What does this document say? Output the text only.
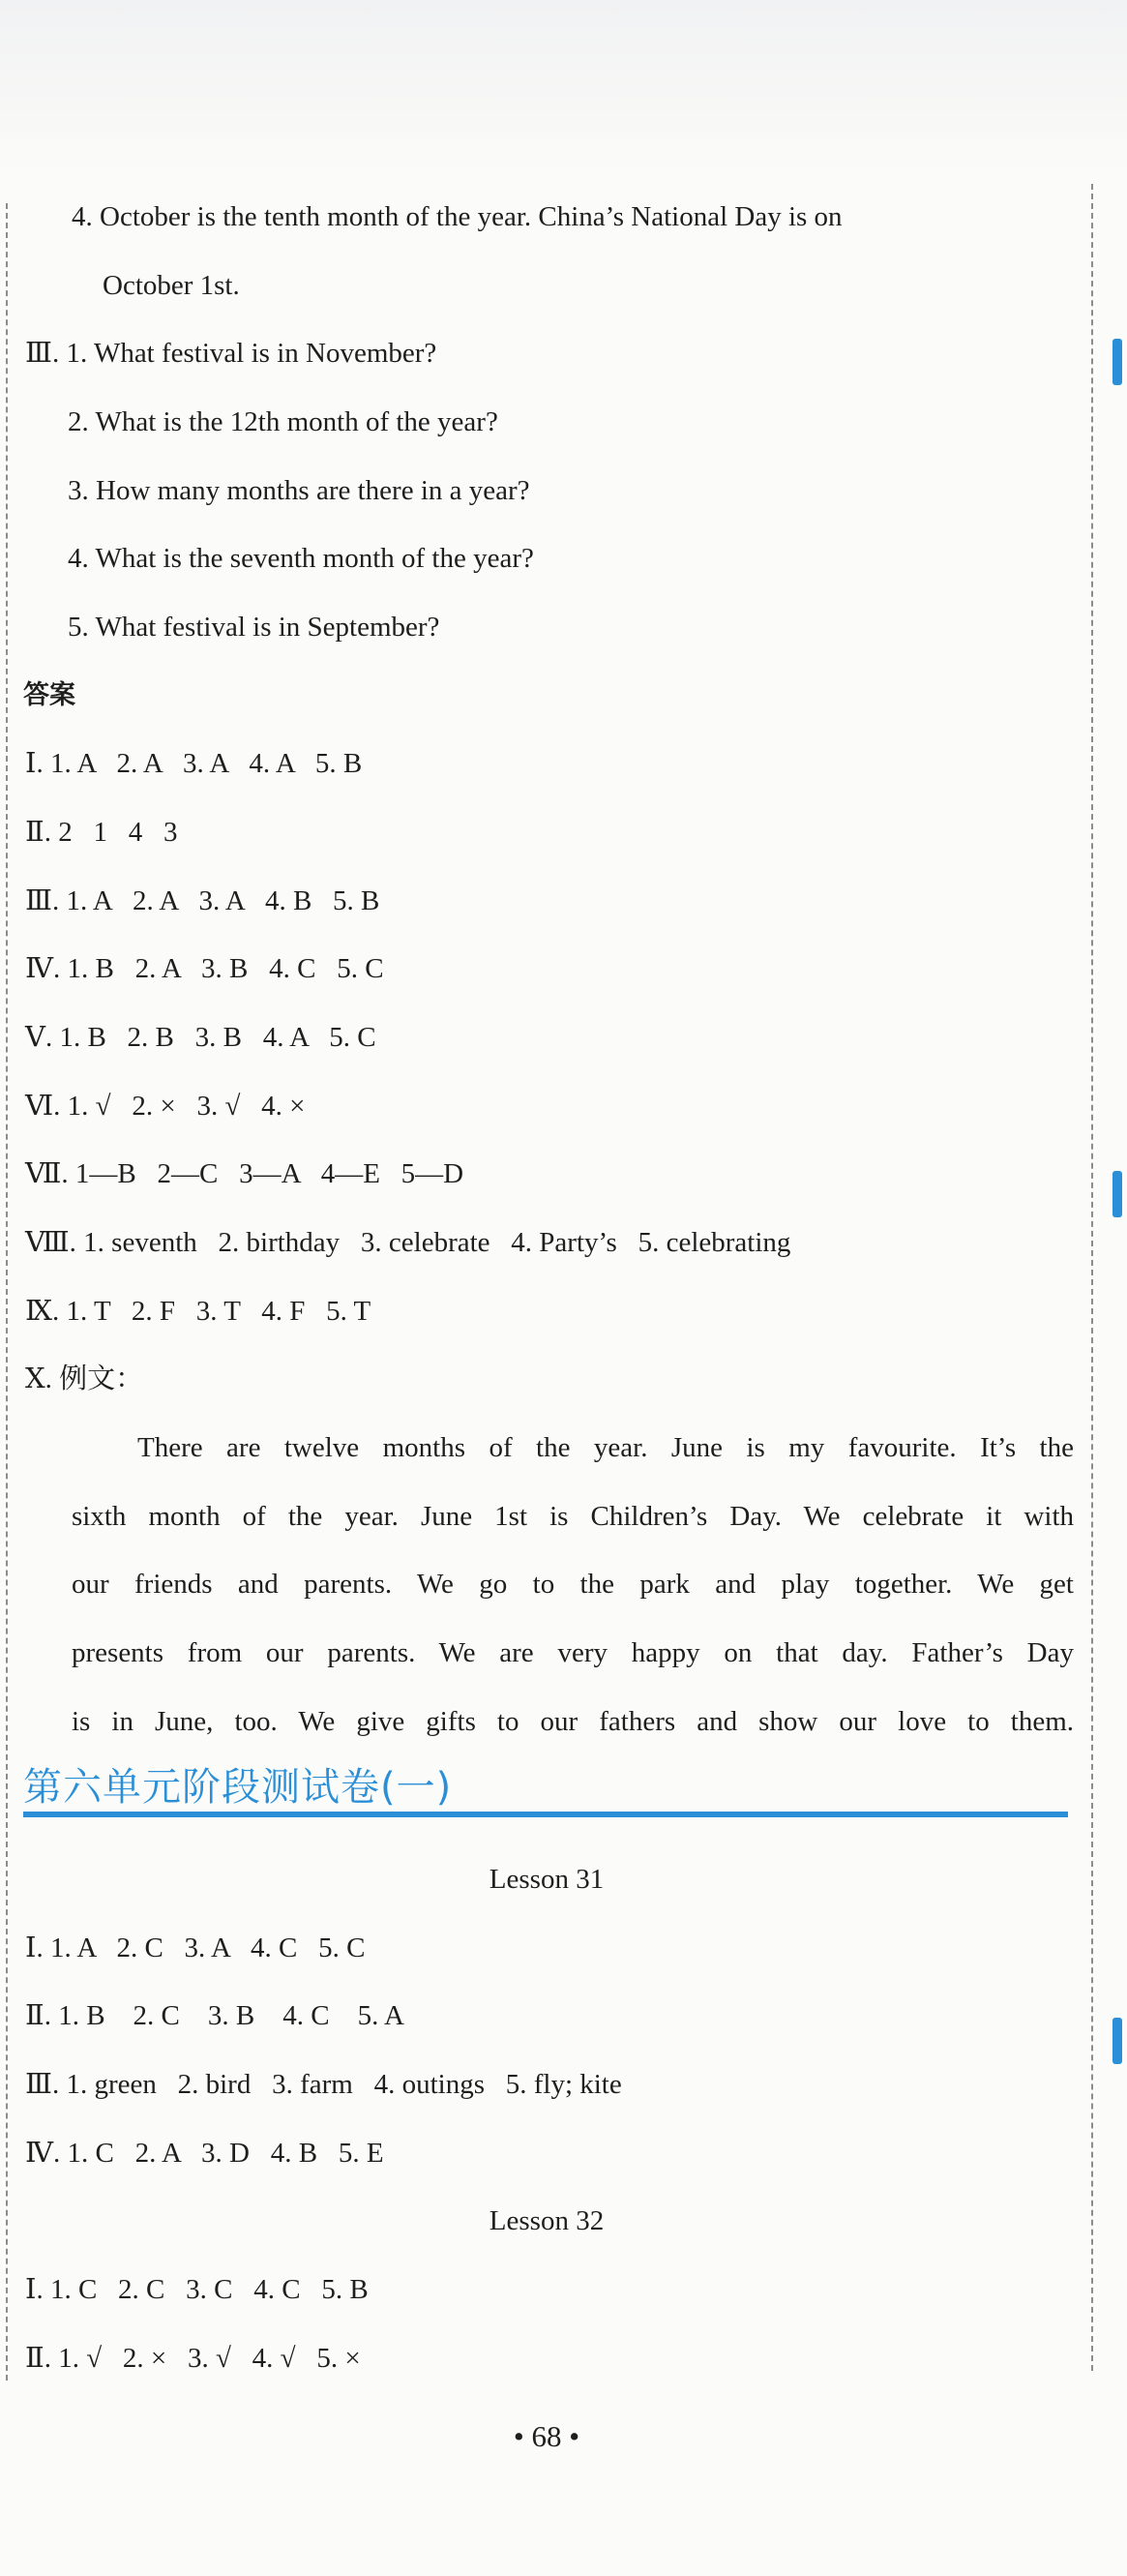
4. October is the tenth month of the year. China’s National Day is on
October 1st.
Ⅲ. 1. What festival is in November?
2. What is the 12th month of the year?
3. How many months are there in a year?
4. What is the seventh month of the year?
5. What festival is in September?
答案
Ⅰ. 1. A   2. A   3. A   4. A   5. B
Ⅱ. 2   1   4   3
Ⅲ. 1. A   2. A   3. A   4. B   5. B
Ⅳ. 1. B   2. A   3. B   4. C   5. C
Ⅴ. 1. B   2. B   3. B   4. A   5. C
Ⅵ. 1. √   2. ×   3. √   4. ×
Ⅶ. 1—B   2—C   3—A   4—E   5—D
Ⅷ. 1. seventh   2. birthday   3. celebrate   4. Party’s   5. celebrating
Ⅸ. 1. T   2. F   3. T   4. F   5. T
Ⅹ. 例文：
There are twelve months of the year. June is my favourite. It’s the
sixth month of the year. June 1st is Children’s Day. We celebrate it with
our friends and parents. We go to the park and play together. We get
presents from our parents. We are very happy on that day. Father’s Day
is in June, too. We give gifts to our fathers and show our love to them.
第六单元阶段测试卷(一)
Lesson 31
Ⅰ. 1. A   2. C   3. A   4. C   5. C
Ⅱ. 1. B    2. C    3. B    4. C    5. A
Ⅲ. 1. green   2. bird   3. farm   4. outings   5. fly; kite
Ⅳ. 1. C   2. A   3. D   4. B   5. E
Lesson 32
Ⅰ. 1. C   2. C   3. C   4. C   5. B
Ⅱ. 1. √   2. ×   3. √   4. √   5. ×
• 68 •
